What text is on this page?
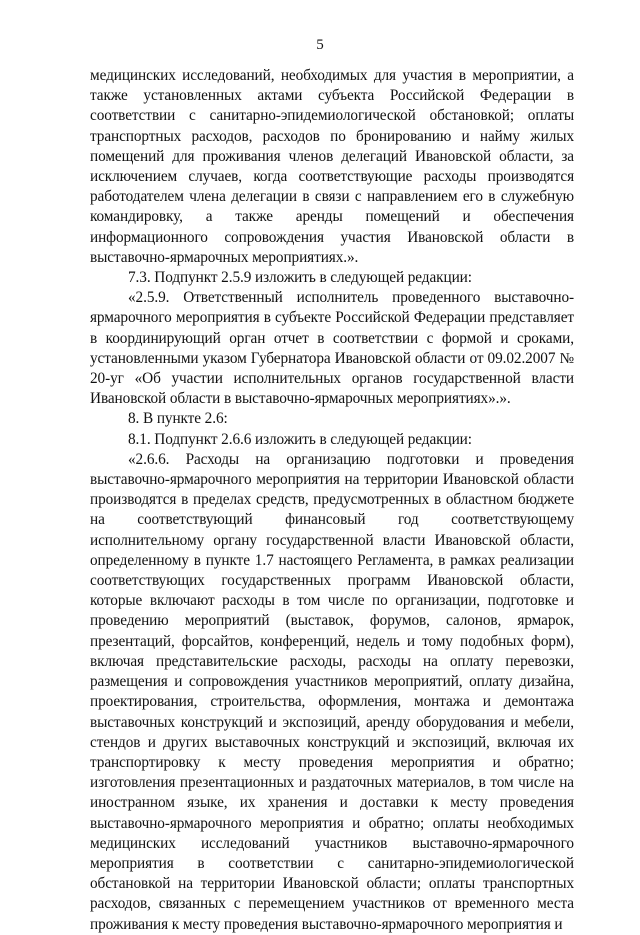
5

медицинских исследований, необходимых для участия в мероприятии, а также установленных актами субъекта Российской Федерации в соответствии с санитарно-эпидемиологической обстановкой; оплаты транспортных расходов, расходов по бронированию и найму жилых помещений для проживания членов делегаций Ивановской области, за исключением случаев, когда соответствующие расходы производятся работодателем члена делегации в связи с направлением его в служебную командировку, а также аренды помещений и обеспечения информационного сопровождения участия Ивановской области в выставочно-ярмарочных мероприятиях.».

7.3. Подпункт 2.5.9 изложить в следующей редакции:

«2.5.9. Ответственный исполнитель проведенного выставочно-ярмарочного мероприятия в субъекте Российской Федерации представляет в координирующий орган отчет в соответствии с формой и сроками, установленными указом Губернатора Ивановской области от 09.02.2007 № 20-уг «Об участии исполнительных органов государственной власти Ивановской области в выставочно-ярмарочных мероприятиях».».

8. В пункте 2.6:

8.1. Подпункт 2.6.6 изложить в следующей редакции:

«2.6.6. Расходы на организацию подготовки и проведения выставочно-ярмарочного мероприятия на территории Ивановской области производятся в пределах средств, предусмотренных в областном бюджете на соответствующий финансовый год соответствующему исполнительному органу государственной власти Ивановской области, определенному в пункте 1.7 настоящего Регламента, в рамках реализации соответствующих государственных программ Ивановской области, которые включают расходы в том числе по организации, подготовке и проведению мероприятий (выставок, форумов, салонов, ярмарок, презентаций, форсайтов, конференций, недель и тому подобных форм), включая представительские расходы, расходы на оплату перевозки, размещения и сопровождения участников мероприятий, оплату дизайна, проектирования, строительства, оформления, монтажа и демонтажа выставочных конструкций и экспозиций, аренду оборудования и мебели, стендов и других выставочных конструкций и экспозиций, включая их транспортировку к месту проведения мероприятия и обратно; изготовления презентационных и раздаточных материалов, в том числе на иностранном языке, их хранения и доставки к месту проведения выставочно-ярмарочного мероприятия и обратно; оплаты необходимых медицинских исследований участников выставочно-ярмарочного мероприятия в соответствии с санитарно-эпидемиологической обстановкой на территории Ивановской области; оплаты транспортных расходов, связанных с перемещением участников от временного места проживания к месту проведения выставочно-ярмарочного мероприятия и
